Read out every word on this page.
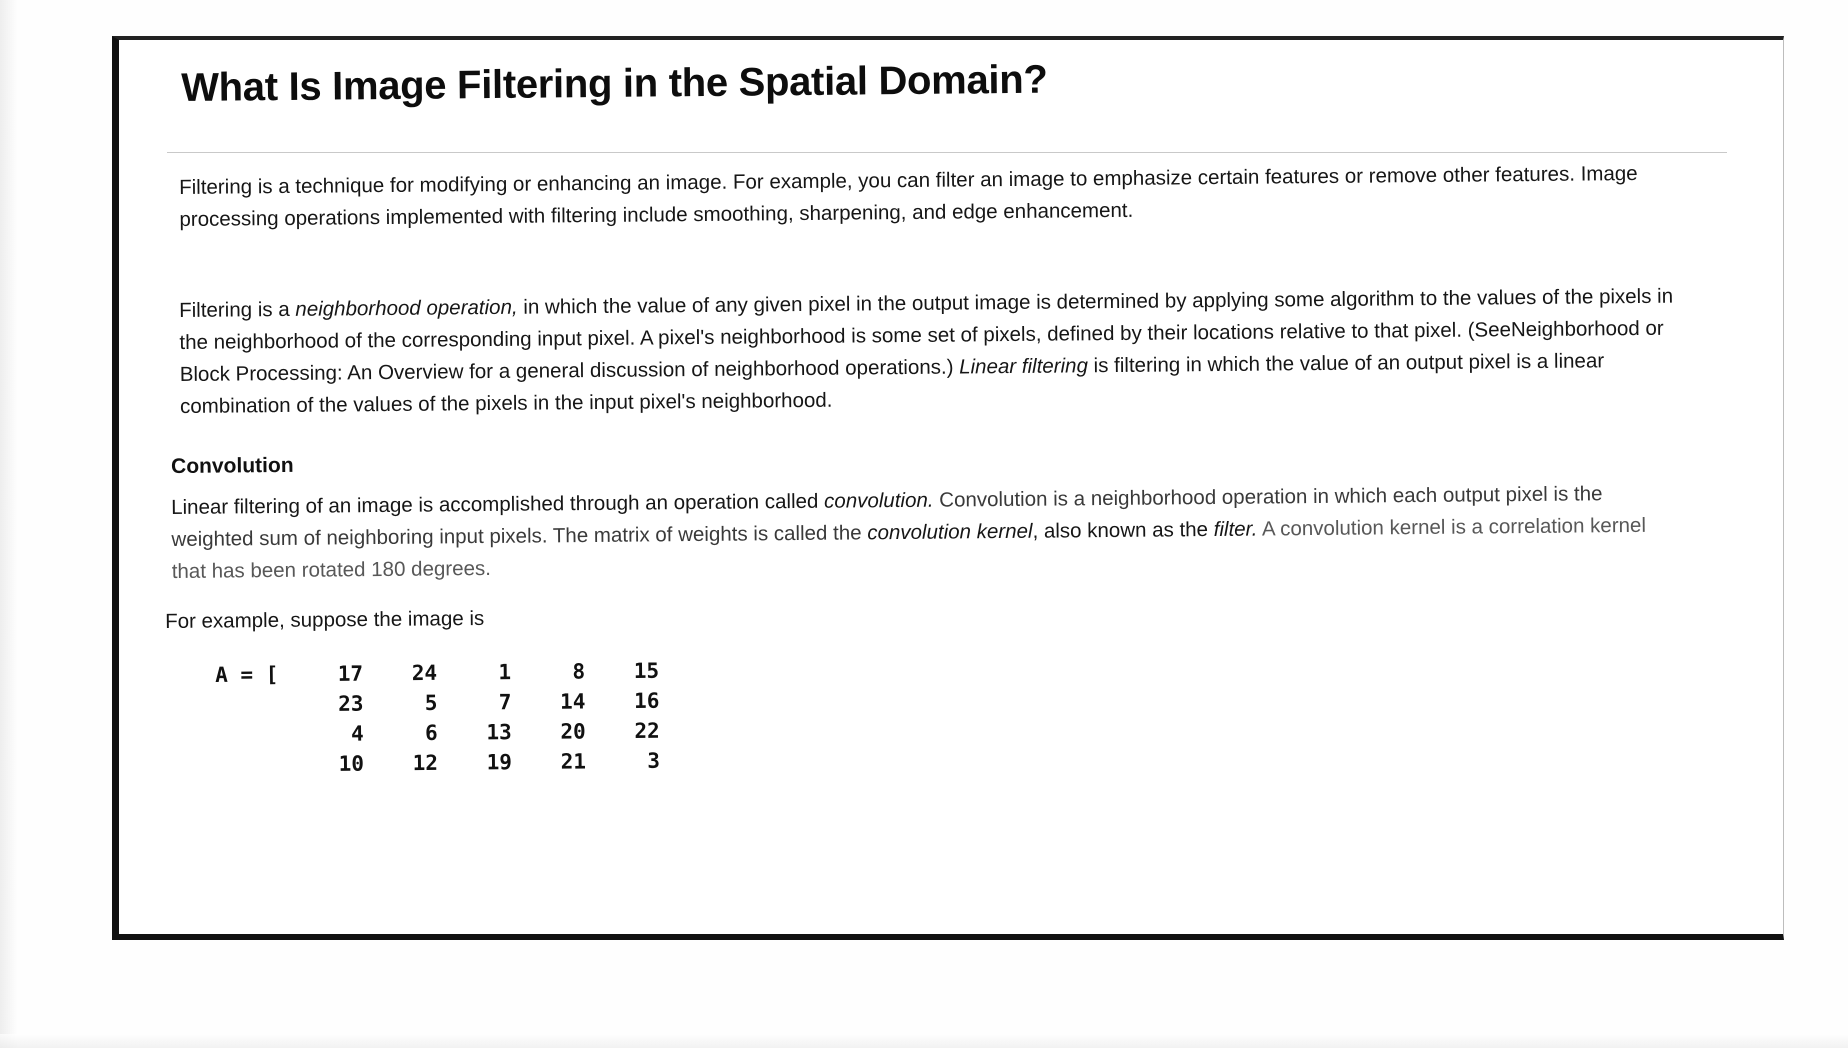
What Is Image Filtering in the Spatial Domain?
Filtering is a technique for modifying or enhancing an image. For example, you can filter an image to emphasize certain features or remove other features. Image processing operations implemented with filtering include smoothing, sharpening, and edge enhancement.
Filtering is a neighborhood operation, in which the value of any given pixel in the output image is determined by applying some algorithm to the values of the pixels in the neighborhood of the corresponding input pixel. A pixel's neighborhood is some set of pixels, defined by their locations relative to that pixel. (SeeNeighborhood or Block Processing: An Overview for a general discussion of neighborhood operations.) Linear filtering is filtering in which the value of an output pixel is a linear combination of the values of the pixels in the input pixel's neighborhood.
Convolution
Linear filtering of an image is accomplished through an operation called convolution. Convolution is a neighborhood operation in which each output pixel is the weighted sum of neighboring input pixels. The matrix of weights is called the convolution kernel, also known as the filter. A convolution kernel is a correlation kernel that has been rotated 180 degrees.
For example, suppose the image is
A = [	17	24	1	8	15
	23	5	7	14	16
	4	6	13	20	22
	10	12	19	21	3
